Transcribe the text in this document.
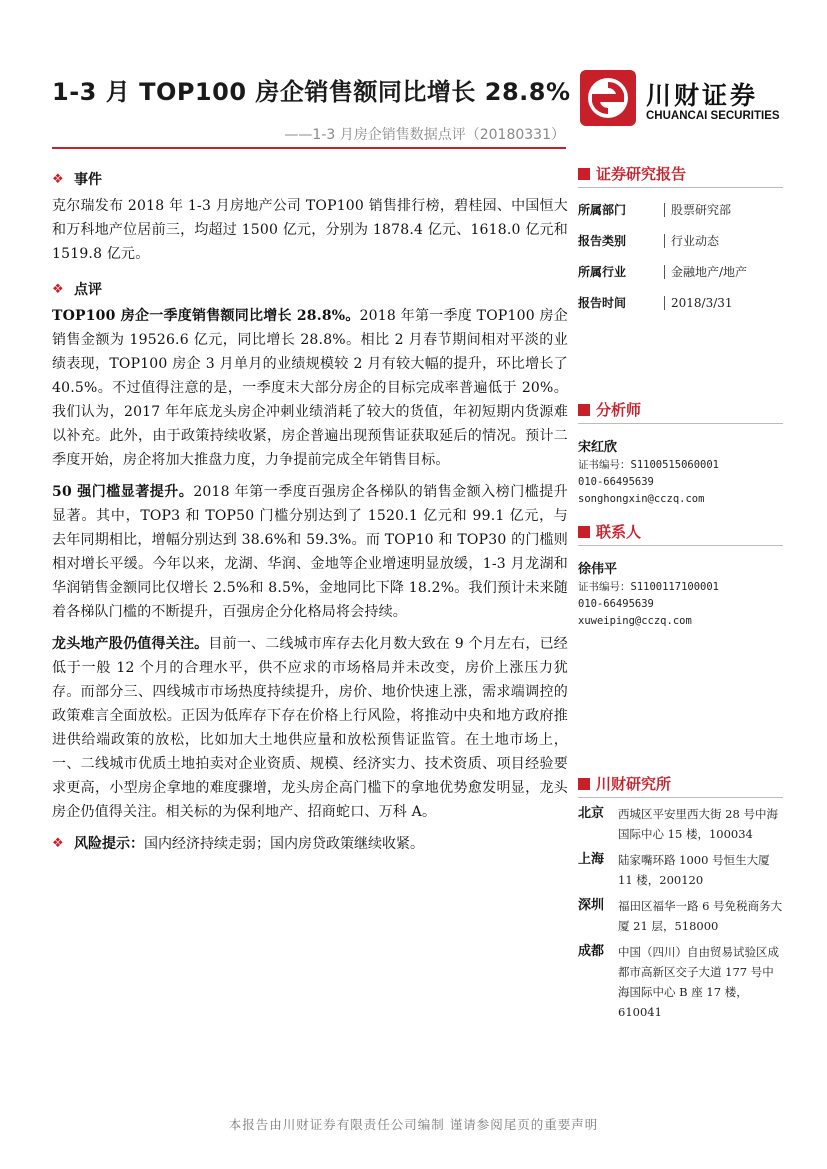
1-3 月 TOP100 房企销售额同比增长 28.8%
——1-3 月房企销售数据点评（20180331）
川财证券
CHUANCAI SECURITIES
❖ 事件

克尔瑞发布 2018 年 1-3 月房地产公司 TOP100 销售排行榜，碧桂园、中国恒大和万科地产位居前三，均超过 1500 亿元，分别为 1878.4 亿元、1618.0 亿元和 1519.8 亿元。

❖ 点评

TOP100 房企一季度销售额同比增长 28.8%。2018 年第一季度 TOP100 房企销售金额为 19526.6 亿元，同比增长 28.8%。相比 2 月春节期间相对平淡的业绩表现，TOP100 房企 3 月单月的业绩规模较 2 月有较大幅的提升，环比增长了 40.5%。不过值得注意的是，一季度末大部分房企的目标完成率普遍低于 20%。我们认为，2017 年年底龙头房企冲刺业绩消耗了较大的货值，年初短期内货源难以补充。此外，由于政策持续收紧，房企普遍出现预售证获取延后的情况。预计二季度开始，房企将加大推盘力度，力争提前完成全年销售目标。

50 强门槛显著提升。2018 年第一季度百强房企各梯队的销售金额入榜门槛提升显著。其中，TOP3 和 TOP50 门槛分别达到了 1520.1 亿元和 99.1 亿元，与去年同期相比，增幅分别达到 38.6%和 59.3%。而 TOP10 和 TOP30 的门槛则相对增长平缓。今年以来，龙湖、华润、金地等企业增速明显放缓，1-3 月龙湖和华润销售金额同比仅增长 2.5%和 8.5%，金地同比下降 18.2%。我们预计未来随着各梯队门槛的不断提升，百强房企分化格局将会持续。

龙头地产股仍值得关注。目前一、二线城市库存去化月数大致在 9 个月左右，已经低于一般 12 个月的合理水平，供不应求的市场格局并未改变，房价上涨压力犹存。而部分三、四线城市市场热度持续提升，房价、地价快速上涨，需求端调控的政策难言全面放松。正因为低库存下存在价格上行风险，将推动中央和地方政府推进供给端政策的放松，比如加大土地供应量和放松预售证监管。在土地市场上，一、二线城市优质土地拍卖对企业资质、规模、经济实力、技术资质、项目经验要求更高，小型房企拿地的难度骤增，龙头房企高门槛下的拿地优势愈发明显，龙头房企仍值得关注。相关标的为保利地产、招商蛇口、万科 A。

❖ 风险提示：国内经济持续走弱；国内房贷政策继续收紧。
证券研究报告
所属部门	股票研究部
报告类别	行业动态
所属行业	金融地产/地产
报告时间	2018/3/31
分析师
宋红欣
证书编号：S1100515060001
010-66495639
songhongxin@cczq.com
联系人
徐伟平
证书编号：S1100117100001
010-66495639
xuweiping@cczq.com
川财研究所
北京	西城区平安里西大街 28 号中海国际中心 15 楼，100034
上海	陆家嘴环路 1000 号恒生大厦 11 楼，200120
深圳	福田区福华一路 6 号免税商务大厦 21 层，518000
成都	中国（四川）自由贸易试验区成都市高新区交子大道 177 号中海国际中心 B 座 17 楼，610041
本报告由川财证券有限责任公司编制 谨请参阅尾页的重要声明
